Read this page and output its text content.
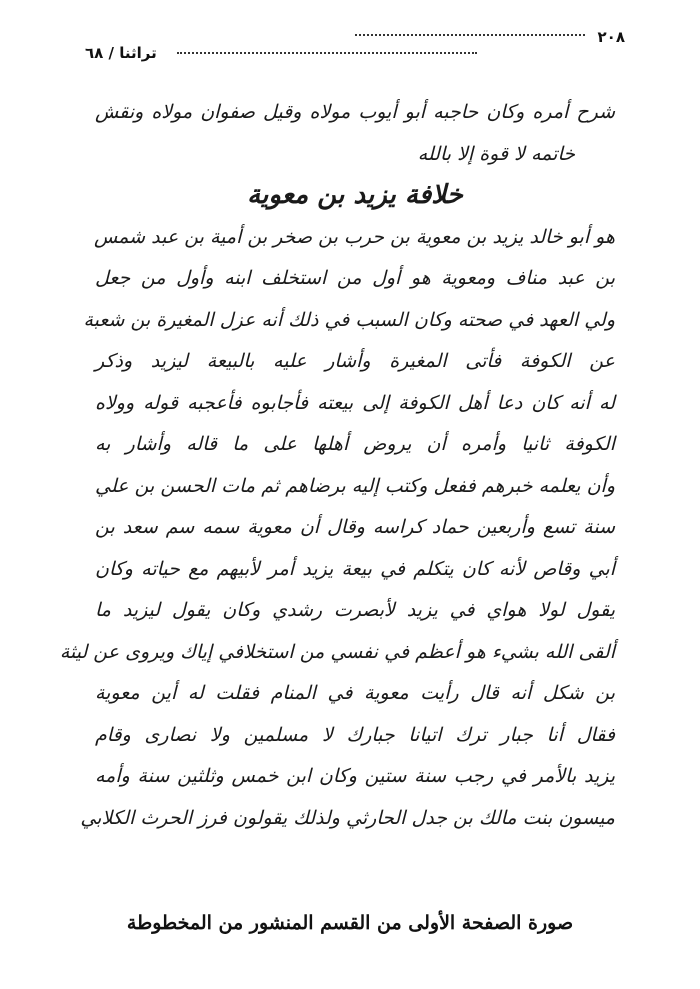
٢٠٨
تراثنا / ٦٨
شرح أمره وكان حاجبه أبو أيوب مولاه وقيل صفوان مولاه ونقش
خاتمه لا قوة إلا بالله
خلافة يزيد بن معوية
هو أبو خالد يزيد بن معوية بن حرب بن صخر بن أمية بن عبد شمس
بن عبد مناف ومعوية هو أول من استخلف ابنه وأول من جعل
ولي العهد في صحته وكان السبب في ذلك أنه عزل المغيرة بن شعبة
عن الكوفة فأتى المغيرة وأشار عليه بالبيعة ليزيد وذكر
له أنه كان دعا أهل الكوفة إلى بيعته فأجابوه فأعجبه قوله وولاه
الكوفة ثانيا وأمره أن يروض أهلها على ما قاله وأشار به
وأن يعلمه خبرهم ففعل وكتب إليه برضاهم ثم مات الحسن بن علي
سنة تسع وأربعين حماد كراسه وقال أن معوية سمه سم سعد بن
أبي وقاص لأنه كان يتكلم في بيعة يزيد أمر لأبيهم مع حياته وكان
يقول لولا هواي في يزيد لأبصرت رشدي وكان يقول ليزيد ما
ألقى الله بشيء هو أعظم في نفسي من استخلافي إياك ويروى عن ليثة
بن شكل أنه قال رأيت معوية في المنام فقلت له أين معوية
فقال أنا جبار ترك اتيانا جبارك لا مسلمين ولا نصارى وقام
يزيد بالأمر في رجب سنة ستين وكان ابن خمس وثلثين سنة وأمه
ميسون بنت مالك بن جدل الحارثي ولذلك يقولون فرز الحرث الكلابي
صورة الصفحة الأولى من القسم المنشور من المخطوطة
